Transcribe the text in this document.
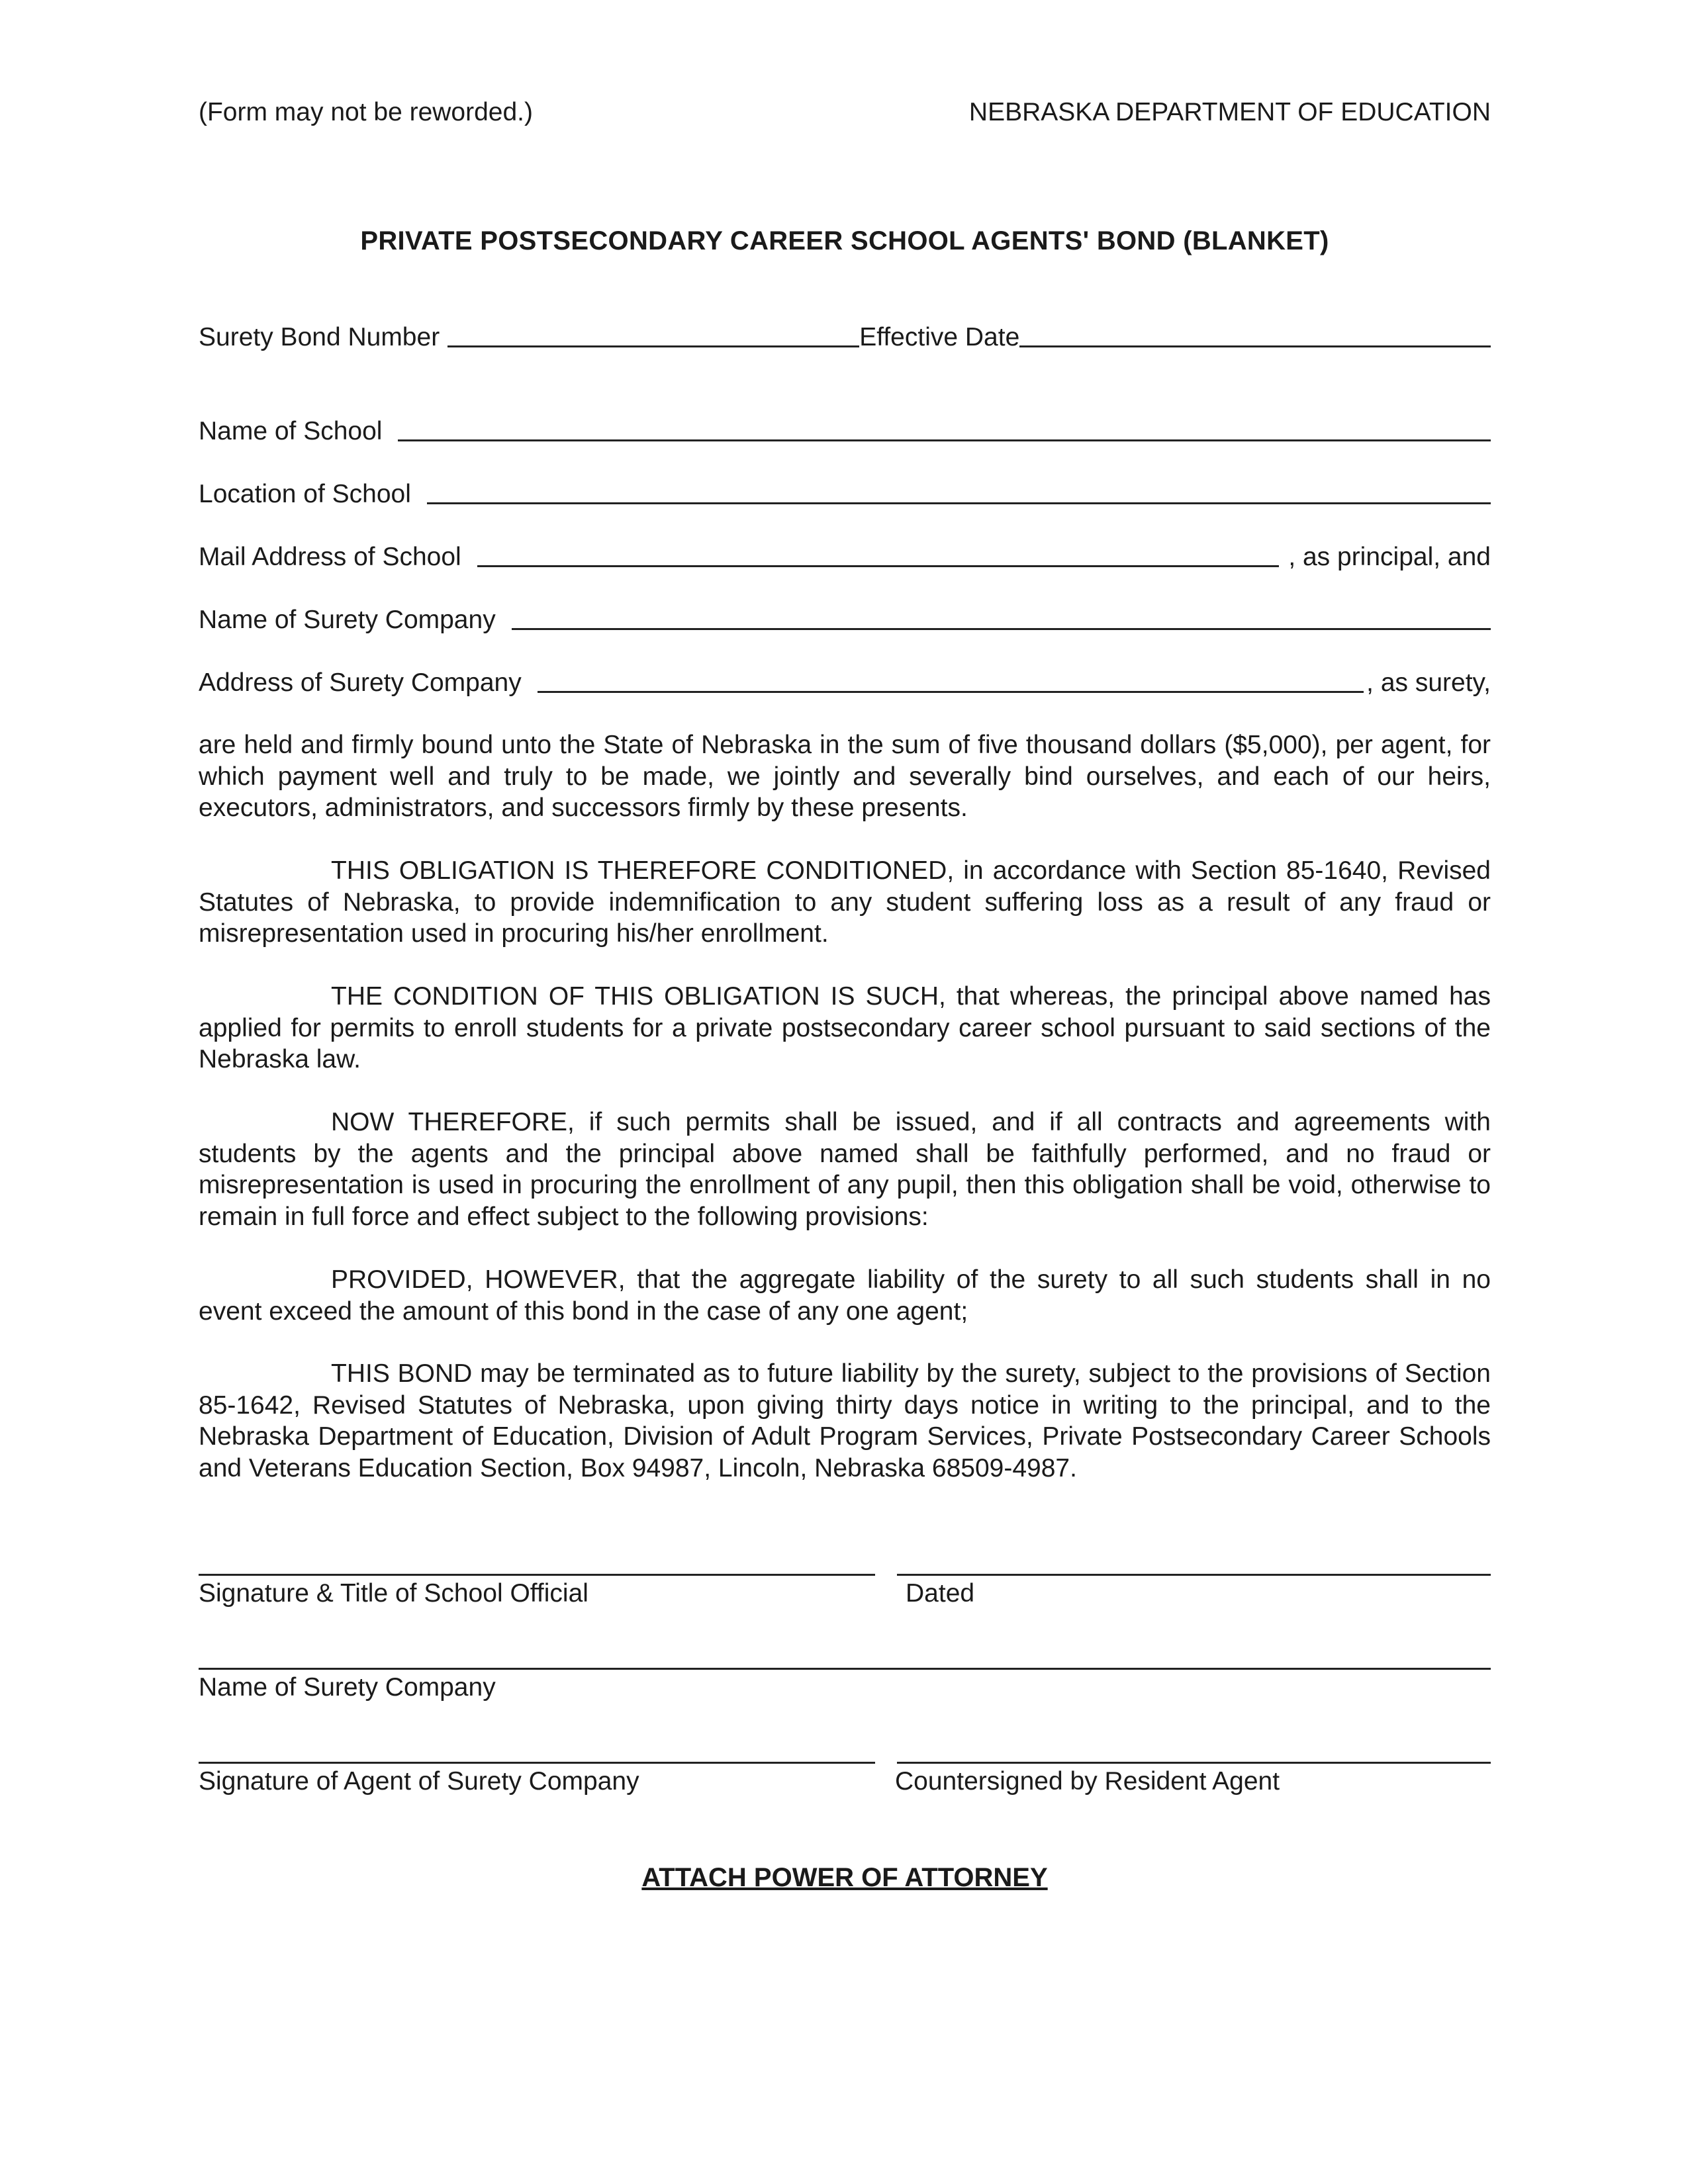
(Form may not be reworded.)	NEBRASKA DEPARTMENT OF EDUCATION
PRIVATE POSTSECONDARY CAREER SCHOOL AGENTS' BOND (BLANKET)
Surety Bond Number	Effective Date
Name of School
Location of School
Mail Address of School	, as principal, and
Name of Surety Company
Address of Surety Company	, as surety,
are held and firmly bound unto the State of Nebraska in the sum of five thousand dollars ($5,000), per agent, for which payment well and truly to be made, we jointly and severally bind ourselves, and each of our heirs, executors, administrators, and successors firmly by these presents.
THIS OBLIGATION IS THEREFORE CONDITIONED, in accordance with Section 85-1640, Revised Statutes of Nebraska, to provide indemnification to any student suffering loss as a result of any fraud or misrepresentation used in procuring his/her enrollment.
THE CONDITION OF THIS OBLIGATION IS SUCH, that whereas, the principal above named has applied for permits to enroll students for a private postsecondary career school pursuant to said sections of the Nebraska law.
NOW THEREFORE, if such permits shall be issued, and if all contracts and agreements with students by the agents and the principal above named shall be faithfully performed, and no fraud or misrepresentation is used in procuring the enrollment of any pupil, then this obligation shall be void, otherwise to remain in full force and effect subject to the following provisions:
PROVIDED, HOWEVER, that the aggregate liability of the surety to all such students shall in no event exceed the amount of this bond in the case of any one agent;
THIS BOND may be terminated as to future liability by the surety, subject to the provisions of Section 85-1642, Revised Statutes of Nebraska, upon giving thirty days notice in writing to the principal, and to the Nebraska Department of Education, Division of Adult Program Services, Private Postsecondary Career Schools and Veterans Education Section, Box 94987, Lincoln, Nebraska 68509-4987.
Signature & Title of School Official	Dated
Name of Surety Company
Signature of Agent of Surety Company	Countersigned by Resident Agent
ATTACH POWER OF ATTORNEY
